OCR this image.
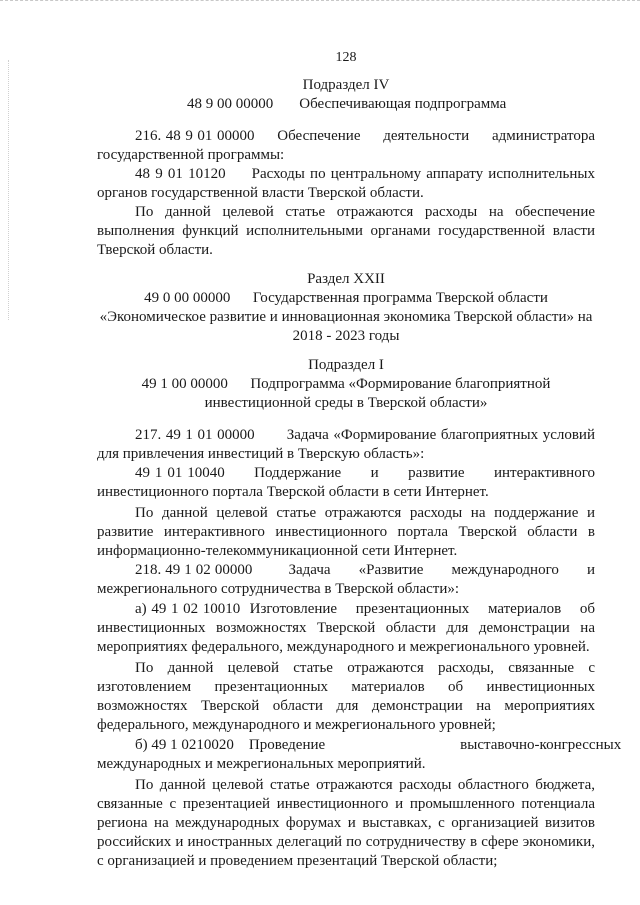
128
Подраздел IV
48 9 00 00000 Обеспечивающая подпрограмма
216. 48 9 01 00000     Обеспечение     деятельности     администратора
государственной программы:
48 9 01 10120     Расходы по центральному аппарату исполнительных
органов государственной власти Тверской области.
По  данной  целевой  статье  отражаются  расходы  на  обеспечение
выполнения функций исполнительными органами государственной власти
Тверской области.
Раздел XXII
49 0 00 00000      Государственная программа Тверской области
«Экономическое развитие и инновационная экономика Тверской области» на
2018 - 2023 годы
Подраздел I
49 1 00 00000      Подпрограмма «Формирование благоприятной
инвестиционной среды в Тверской области»
217. 49 1 01 00000       Задача «Формирование благоприятных условий
для привлечения инвестиций в Тверскую область»:
49 1 01 10040      Поддержание      и      развитие      интерактивного
инвестиционного портала Тверской области в сети Интернет.
По данной целевой статье отражаются расходы на поддержание и
развитие интерактивного инвестиционного портала Тверской области в
информационно-телекоммуникационной сети Интернет.
218. 49 1 02 00000         Задача       «Развитие       международного       и
межрегионального сотрудничества в Тверской области»:
а) 49 1 02 10010  Изготовление    презентационных    материалов    об
инвестиционных возможностях Тверской области для демонстрации на
мероприятиях федерального, международного и межрегионального уровней.
По  данной  целевой  статье  отражаются  расходы,  связанные  с
изготовлением      презентационных      материалов      об      инвестиционных
возможностях  Тверской  области  для  демонстрации  на  мероприятиях
федерального, международного и межрегионального уровней;
б) 49 1 0210020    Проведение                                    выставочно-конгрессных
международных и межрегиональных мероприятий.
По данной целевой статье отражаются расходы областного бюджета,
связанные с презентацией инвестиционного и промышленного потенциала
региона на международных форумах и выставках, с организацией визитов
российских и иностранных делегаций по сотрудничеству в сфере экономики,
с организацией и проведением презентаций Тверской области;
